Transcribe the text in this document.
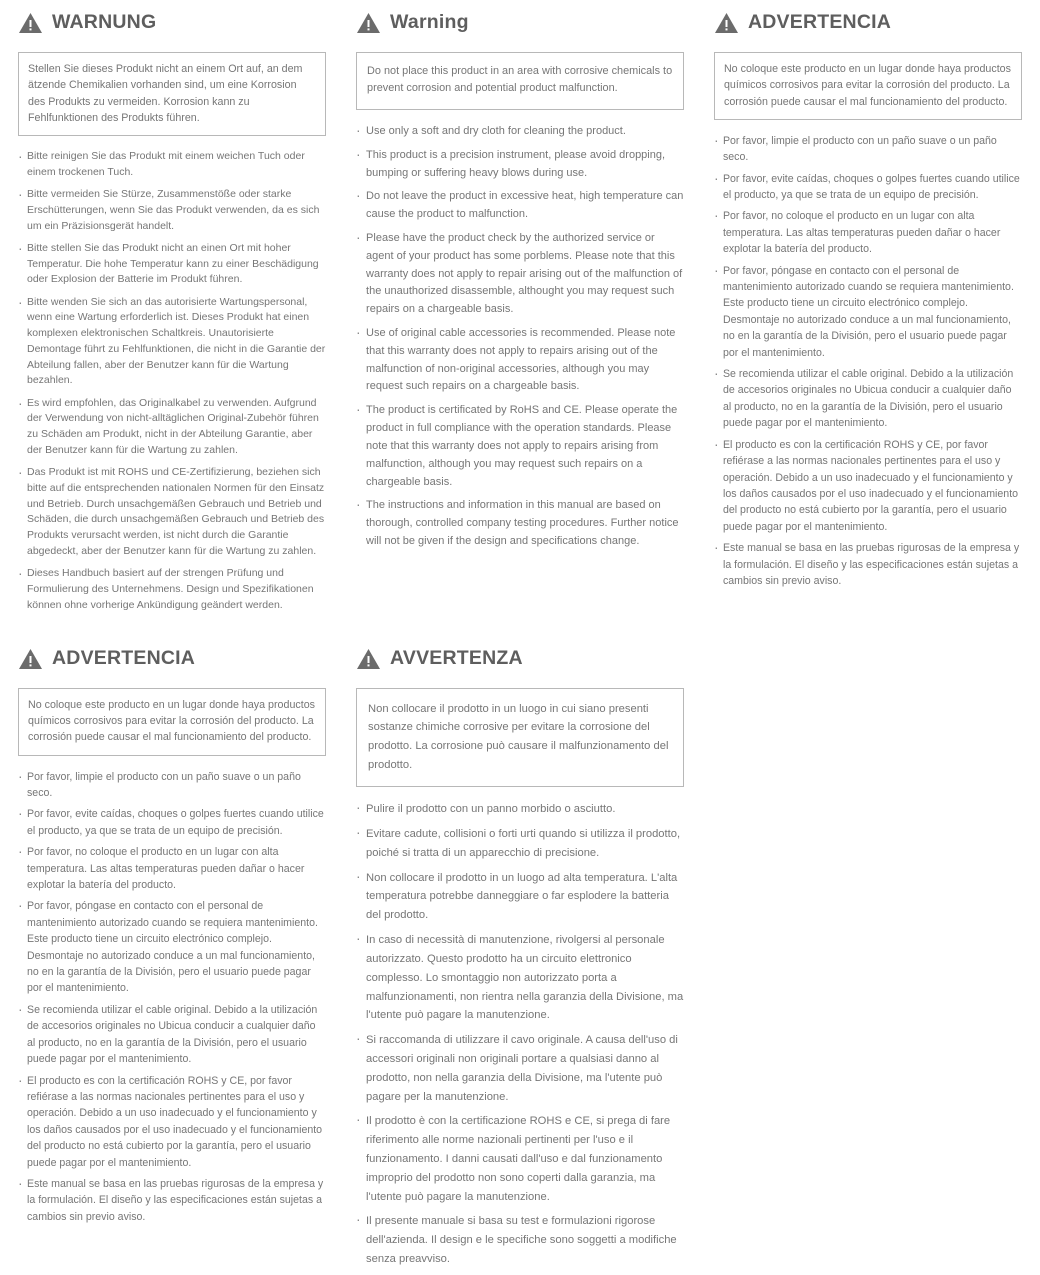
WARNUNG
Stellen Sie dieses Produkt nicht an einem Ort auf, an dem ätzende Chemikalien vorhanden sind, um eine Korrosion des Produkts zu vermeiden. Korrosion kann zu Fehlfunktionen des Produkts führen.
· Bitte reinigen Sie das Produkt mit einem weichen Tuch oder einem trockenen Tuch.
· Bitte vermeiden Sie Stürze, Zusammenstöße oder starke Erschütterungen, wenn Sie das Produkt verwenden, da es sich um ein Präzisionsgerät handelt.
· Bitte stellen Sie das Produkt nicht an einen Ort mit hoher Temperatur. Die hohe Temperatur kann zu einer Beschädigung oder Explosion der Batterie im Produkt führen.
· Bitte wenden Sie sich an das autorisierte Wartungspersonal, wenn eine Wartung erforderlich ist. Dieses Produkt hat einen komplexen elektronischen Schaltkreis. Unautorisierte Demontage führt zu Fehlfunktionen, die nicht in die Garantie der Abteilung fallen, aber der Benutzer kann für die Wartung bezahlen.
· Es wird empfohlen, das Originalkabel zu verwenden. Aufgrund der Verwendung von nicht-alltäglichen Original-Zubehör führen zu Schäden am Produkt, nicht in der Abteilung Garantie, aber der Benutzer kann für die Wartung zu zahlen.
· Das Produkt ist mit ROHS und CE-Zertifizierung, beziehen sich bitte auf die entsprechenden nationalen Normen für den Einsatz und Betrieb. Durch unsachgemäßen Gebrauch und Betrieb und Schäden, die durch unsachgemäßen Gebrauch und Betrieb des Produkts verursacht werden, ist nicht durch die Garantie abgedeckt, aber der Benutzer kann für die Wartung zu zahlen.
· Dieses Handbuch basiert auf der strengen Prüfung und Formulierung des Unternehmens. Design und Spezifikationen können ohne vorherige Ankündigung geändert werden.
Warning
Do not place this product in an area with corrosive chemicals to prevent corrosion and potential product malfunction.
· Use only a soft and dry cloth for cleaning the product.
· This product is a precision instrument, please avoid dropping, bumping or suffering heavy blows during use.
· Do not leave the product in excessive heat, high temperature can cause the product to malfunction.
· Please have the product check by the authorized service or agent of your product has some porblems. Please note that this warranty does not apply to repair arising out of the malfunction of the unauthorized disassemble, althought you may request such repairs on a chargeable basis.
· Use of original cable accessories is recommended. Please note that this warranty does not apply to repairs arising out of the malfunction of non-original accessories, although you may request such repairs on a chargeable basis.
· The product is certificated by RoHS and CE. Please operate the product in full compliance with the operation standards. Please note that this warranty does not apply to repairs arising from malfunction, although you may request such repairs on a chargeable basis.
· The instructions and information in this manual are based on thorough, controlled company testing procedures. Further notice will not be given if the design and specifications change.
ADVERTENCIA
No coloque este producto en un lugar donde haya productos químicos corrosivos para evitar la corrosión del producto. La corrosión puede causar el mal funcionamiento del producto.
· Por favor, limpie el producto con un paño suave o un paño seco.
· Por favor, evite caídas, choques o golpes fuertes cuando utilice el producto, ya que se trata de un equipo de precisión.
· Por favor, no coloque el producto en un lugar con alta temperatura. Las altas temperaturas pueden dañar o hacer explotar la batería del producto.
· Por favor, póngase en contacto con el personal de mantenimiento autorizado cuando se requiera mantenimiento. Este producto tiene un circuito electrónico complejo. Desmontaje no autorizado conduce a un mal funcionamiento, no en la garantía de la División, pero el usuario puede pagar por el mantenimiento.
· Se recomienda utilizar el cable original. Debido a la utilización de accesorios originales no Ubicua conducir a cualquier daño al producto, no en la garantía de la División, pero el usuario puede pagar por el mantenimiento.
· El producto es con la certificación ROHS y CE, por favor refiérase a las normas nacionales pertinentes para el uso y operación. Debido a un uso inadecuado y el funcionamiento y los daños causados por el uso inadecuado y el funcionamiento del producto no está cubierto por la garantía, pero el usuario puede pagar por el mantenimiento.
· Este manual se basa en las pruebas rigurosas de la empresa y la formulación. El diseño y las especificaciones están sujetas a cambios sin previo aviso.
ADVERTENCIA
No coloque este producto en un lugar donde haya productos químicos corrosivos para evitar la corrosión del producto. La corrosión puede causar el mal funcionamiento del producto.
· Por favor, limpie el producto con un paño suave o un paño seco.
· Por favor, evite caídas, choques o golpes fuertes cuando utilice el producto, ya que se trata de un equipo de precisión.
· Por favor, no coloque el producto en un lugar con alta temperatura. Las altas temperaturas pueden dañar o hacer explotar la batería del producto.
· Por favor, póngase en contacto con el personal de mantenimiento autorizado cuando se requiera mantenimiento. Este producto tiene un circuito electrónico complejo. Desmontaje no autorizado conduce a un mal funcionamiento, no en la garantía de la División, pero el usuario puede pagar por el mantenimiento.
· Se recomienda utilizar el cable original. Debido a la utilización de accesorios originales no Ubicua conducir a cualquier daño al producto, no en la garantía de la División, pero el usuario puede pagar por el mantenimiento.
· El producto es con la certificación ROHS y CE, por favor refiérase a las normas nacionales pertinentes para el uso y operación. Debido a un uso inadecuado y el funcionamiento y los daños causados por el uso inadecuado y el funcionamiento del producto no está cubierto por la garantía, pero el usuario puede pagar por el mantenimiento.
· Este manual se basa en las pruebas rigurosas de la empresa y la formulación. El diseño y las especificaciones están sujetas a cambios sin previo aviso.
AVVERTENZA
Non collocare il prodotto in un luogo in cui siano presenti sostanze chimiche corrosive per evitare la corrosione del prodotto. La corrosione può causare il malfunzionamento del prodotto.
· Pulire il prodotto con un panno morbido o asciutto.
· Evitare cadute, collisioni o forti urti quando si utilizza il prodotto, poiché si tratta di un apparecchio di precisione.
· Non collocare il prodotto in un luogo ad alta temperatura. L'alta temperatura potrebbe danneggiare o far esplodere la batteria del prodotto.
· In caso di necessità di manutenzione, rivolgersi al personale autorizzato. Questo prodotto ha un circuito elettronico complesso. Lo smontaggio non autorizzato porta a malfunzionamenti, non rientra nella garanzia della Divisione, ma l'utente può pagare la manutenzione.
· Si raccomanda di utilizzare il cavo originale. A causa dell'uso di accessori originali non originali portare a qualsiasi danno al prodotto, non nella garanzia della Divisione, ma l'utente può pagare per la manutenzione.
· Il prodotto è con la certificazione ROHS e CE, si prega di fare riferimento alle norme nazionali pertinenti per l'uso e il funzionamento. I danni causati dall'uso e dal funzionamento improprio del prodotto non sono coperti dalla garanzia, ma l'utente può pagare la manutenzione.
· Il presente manuale si basa su test e formulazioni rigorose dell'azienda. Il design e le specifiche sono soggetti a modifiche senza preavviso.
